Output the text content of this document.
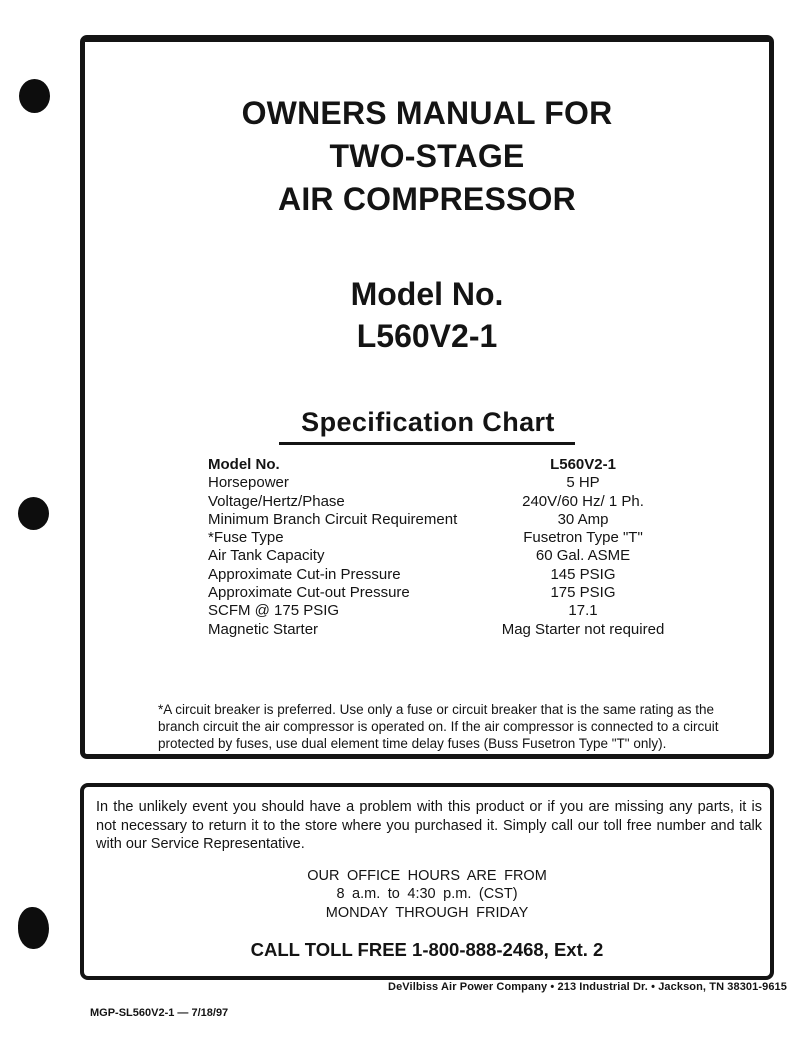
OWNERS MANUAL FOR
TWO-STAGE
AIR COMPRESSOR
Model No.
L560V2-1
Specification Chart
Model No.	L560V2-1
Horsepower	5 HP
Voltage/Hertz/Phase	240V/60 Hz/ 1 Ph.
Minimum Branch Circuit Requirement	30 Amp
*Fuse Type	Fusetron Type "T"
Air Tank Capacity	60 Gal. ASME
Approximate Cut-in Pressure	145 PSIG
Approximate Cut-out Pressure	175 PSIG
SCFM @ 175 PSIG	17.1
Magnetic Starter	Mag Starter not required
*A circuit breaker is preferred. Use only a fuse or circuit breaker that is the same rating as the branch circuit the air compressor is operated on. If the air compressor is connected to a circuit protected by fuses, use dual element time delay fuses (Buss Fusetron Type "T" only).
In the unlikely event you should have a problem with this product or if you are missing any parts, it is not necessary to return it to the store where you purchased it. Simply call our toll free number and talk with our Service Representative.
OUR OFFICE HOURS ARE FROM
8 a.m. to 4:30 p.m. (CST)
MONDAY THROUGH FRIDAY
CALL TOLL FREE 1-800-888-2468, Ext. 2
DeVilbiss Air Power Company • 213 Industrial Dr. • Jackson, TN 38301-9615
MGP-SL560V2-1 — 7/18/97
